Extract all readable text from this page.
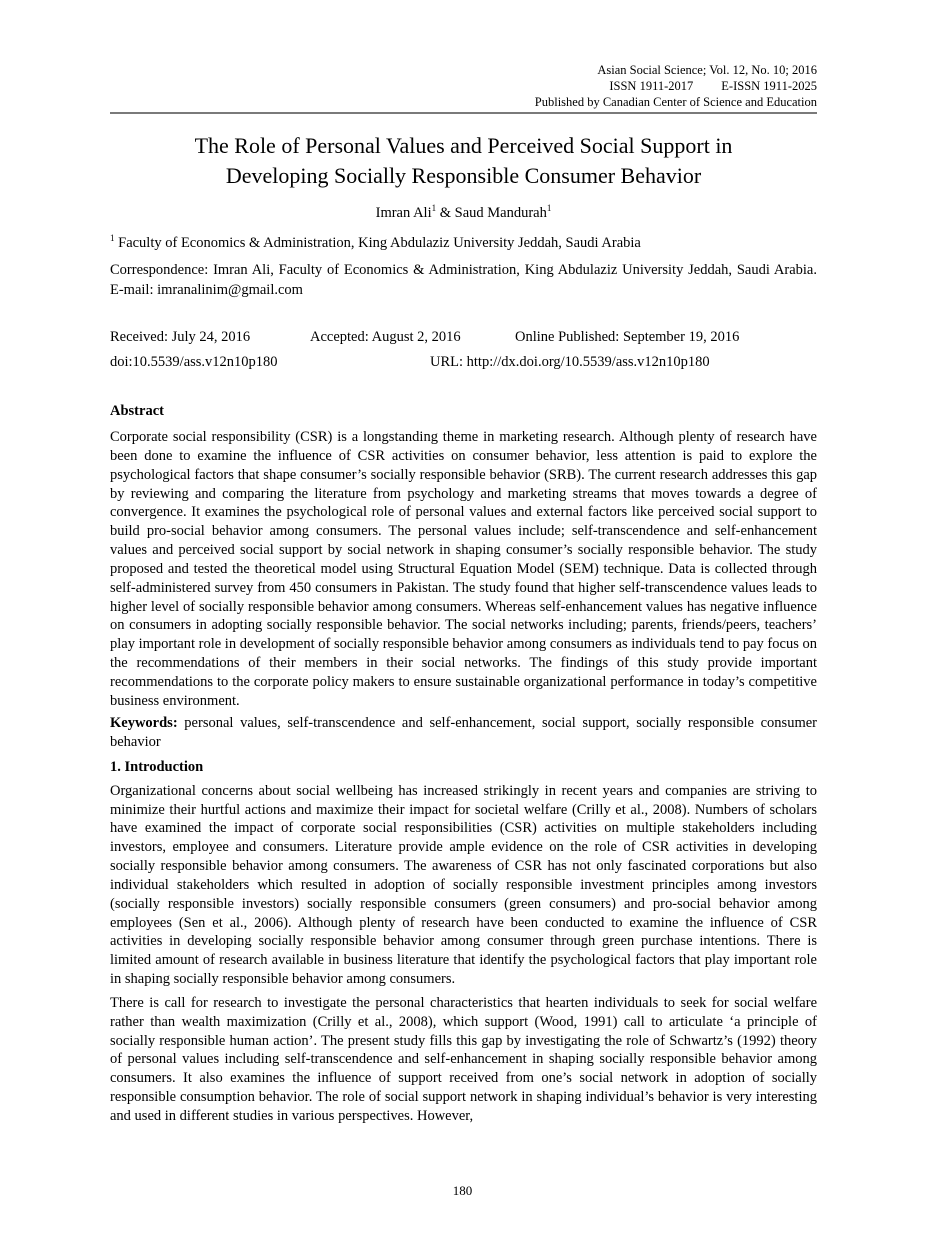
Asian Social Science; Vol. 12, No. 10; 2016
ISSN 1911-2017 E-ISSN 1911-2025
Published by Canadian Center of Science and Education
The Role of Personal Values and Perceived Social Support in
Developing Socially Responsible Consumer Behavior
Imran Ali$^1$ & Saud Mandurah$^1$
$^1$ Faculty of Economics & Administration, King Abdulaziz University Jeddah, Saudi Arabia
Correspondence: Imran Ali, Faculty of Economics & Administration, King Abdulaziz University Jeddah, Saudi Arabia. E-mail: imranalinim@gmail.com
Received: July 24, 2016	Accepted: August 2, 2016	Online Published: September 19, 2016
doi:10.5539/ass.v12n10p180	URL: http://dx.doi.org/10.5539/ass.v12n10p180
Abstract
Corporate social responsibility (CSR) is a longstanding theme in marketing research. Although plenty of research have been done to examine the influence of CSR activities on consumer behavior, less attention is paid to explore the psychological factors that shape consumer’s socially responsible behavior (SRB). The current research addresses this gap by reviewing and comparing the literature from psychology and marketing streams that moves towards a degree of convergence. It examines the psychological role of personal values and external factors like perceived social support to build pro-social behavior among consumers. The personal values include; self-transcendence and self-enhancement values and perceived social support by social network in shaping consumer’s socially responsible behavior. The study proposed and tested the theoretical model using Structural Equation Model (SEM) technique. Data is collected through self-administered survey from 450 consumers in Pakistan. The study found that higher self-transcendence values leads to higher level of socially responsible behavior among consumers. Whereas self-enhancement values has negative influence on consumers in adopting socially responsible behavior. The social networks including; parents, friends/peers, teachers’ play important role in development of socially responsible behavior among consumers as individuals tend to pay focus on the recommendations of their members in their social networks. The findings of this study provide important recommendations to the corporate policy makers to ensure sustainable organizational performance in today’s competitive business environment.
Keywords: personal values, self-transcendence and self-enhancement, social support, socially responsible consumer behavior
1. Introduction
Organizational concerns about social wellbeing has increased strikingly in recent years and companies are striving to minimize their hurtful actions and maximize their impact for societal welfare (Crilly et al., 2008). Numbers of scholars have examined the impact of corporate social responsibilities (CSR) activities on multiple stakeholders including investors, employee and consumers. Literature provide ample evidence on the role of CSR activities in developing socially responsible behavior among consumers. The awareness of CSR has not only fascinated corporations but also individual stakeholders which resulted in adoption of socially responsible investment principles among investors (socially responsible investors) socially responsible consumers (green consumers) and pro-social behavior among employees (Sen et al., 2006). Although plenty of research have been conducted to examine the influence of CSR activities in developing socially responsible behavior among consumer through green purchase intentions. There is limited amount of research available in business literature that identify the psychological factors that play important role in shaping socially responsible behavior among consumers.
There is call for research to investigate the personal characteristics that hearten individuals to seek for social welfare rather than wealth maximization (Crilly et al., 2008), which support (Wood, 1991) call to articulate ‘a principle of socially responsible human action’. The present study fills this gap by investigating the role of Schwartz’s (1992) theory of personal values including self-transcendence and self-enhancement in shaping socially responsible behavior among consumers. It also examines the influence of support received from one’s social network in adoption of socially responsible consumption behavior. The role of social support network in shaping individual’s behavior is very interesting and used in different studies in various perspectives. However,
180
